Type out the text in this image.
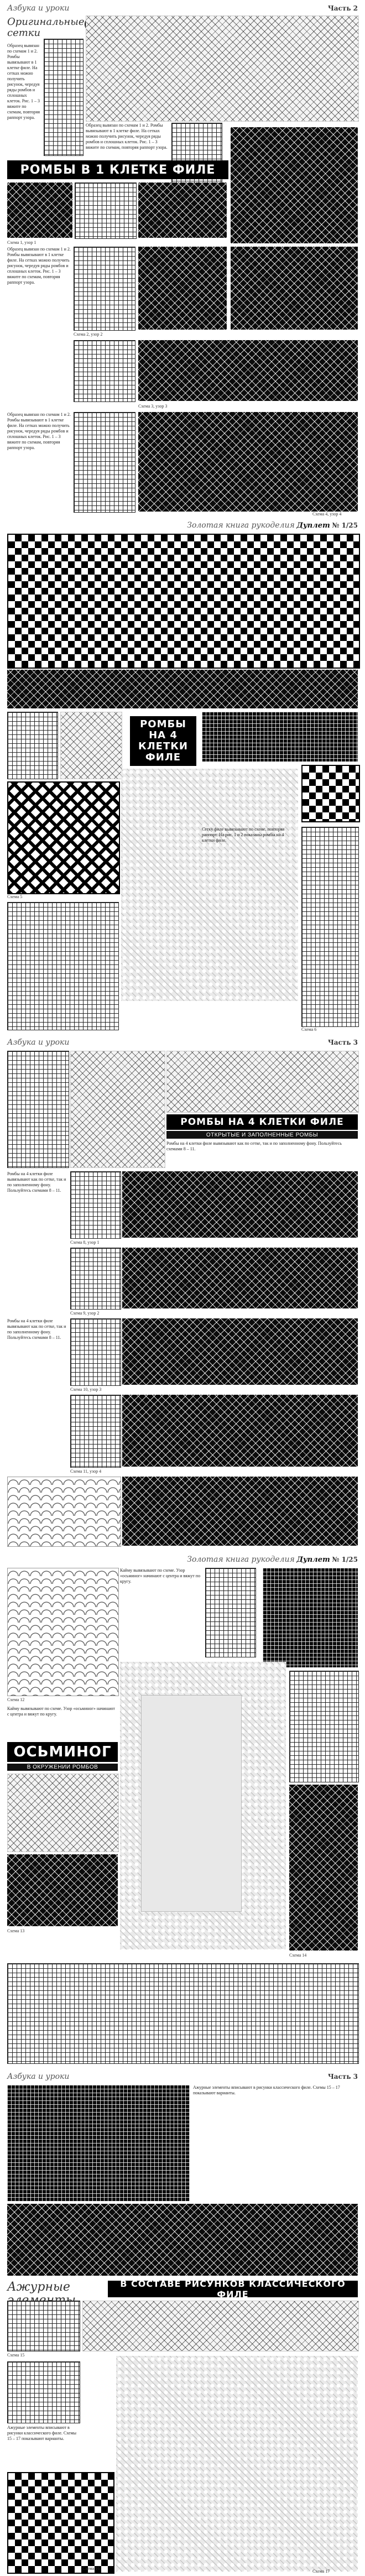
Азбука и уроки	Часть 2
Оригинальные сетки
Образец вывязан по схемам 1 и 2. Ромбы вывязывают в 1 клетке филе. На сетках можно получить рисунок, чередуя ряды ромбов и сплошных клеток. Рис. 1 – 3 вяжите по схемам, повторяя раппорт узора.
Образец вывязан по схемам 1 и 2. Ромбы вывязывают в 1 клетке филе. На сетках можно получить рисунок, чередуя ряды ромбов и сплошных клеток. Рис. 1 – 3 вяжите по схемам, повторяя раппорт узора.
РОМБЫ В 1 КЛЕТКЕ ФИЛЕ
Схема 1, узор 1
Образец вывязан по схемам 1 и 2. Ромбы вывязывают в 1 клетке филе. На сетках можно получить рисунок, чередуя ряды ромбов и сплошных клеток. Рис. 1 – 3 вяжите по схемам, повторяя раппорт узора.
Схема 2, узор 2
Схема 3, узор 3
Образец вывязан по схемам 1 и 2. Ромбы вывязывают в 1 клетке филе. На сетках можно получить рисунок, чередуя ряды ромбов и сплошных клеток. Рис. 1 – 3 вяжите по схемам, повторяя раппорт узора.
Схема 4, узор 4
Золотая книга рукоделия Дуплет № 1/25
РОМБЫ НА 4 КЛЕТКИ ФИЛЕ
Сетку филе вывязывают по схеме, повторяя раппорт. На рис. 1 и 2 показаны ромбы на 4 клетки филе.
Схема 5
Схема 6
Азбука и уроки	Часть 3
РОМБЫ НА 4 КЛЕТКИ ФИЛЕ
ОТКРЫТЫЕ И ЗАПОЛНЕННЫЕ РОМБЫ
Ромбы на 4 клетки филе вывязывают как по сетке, так и по заполненному фону. Пользуйтесь схемами 8 – 11.
Ромбы на 4 клетки филе вывязывают как по сетке, так и по заполненному фону. Пользуйтесь схемами 8 – 11.
Схема 8, узор 1
Схема 9, узор 2
Ромбы на 4 клетки филе вывязывают как по сетке, так и по заполненному фону. Пользуйтесь схемами 8 – 11.
Схема 10, узор 3
Схема 11, узор 4
Золотая книга рукоделия Дуплет № 1/25
Схема 12
Кайму вывязывают по схеме. Узор «осьминог» начинают с центра и вяжут по кругу.
Кайму вывязывают по схеме. Узор «осьминог» начинают с центра и вяжут по кругу.
ОСЬМИНОГ
В ОКРУЖЕНИИ РОМБОВ
Схема 13
Схема 14
Азбука и уроки	Часть 3
Ажурные элементы вписывают в рисунки классического филе. Схемы 15 – 17 показывают варианты.
Ажурные	В СОСТАВЕ РИСУНКОВ КЛАССИЧЕСКОГО ФИЛЕ
Схема 15
Ажурные элементы вписывают в рисунки классического филе. Схемы 15 – 17 показывают варианты.
Схема 16
Схема 17
